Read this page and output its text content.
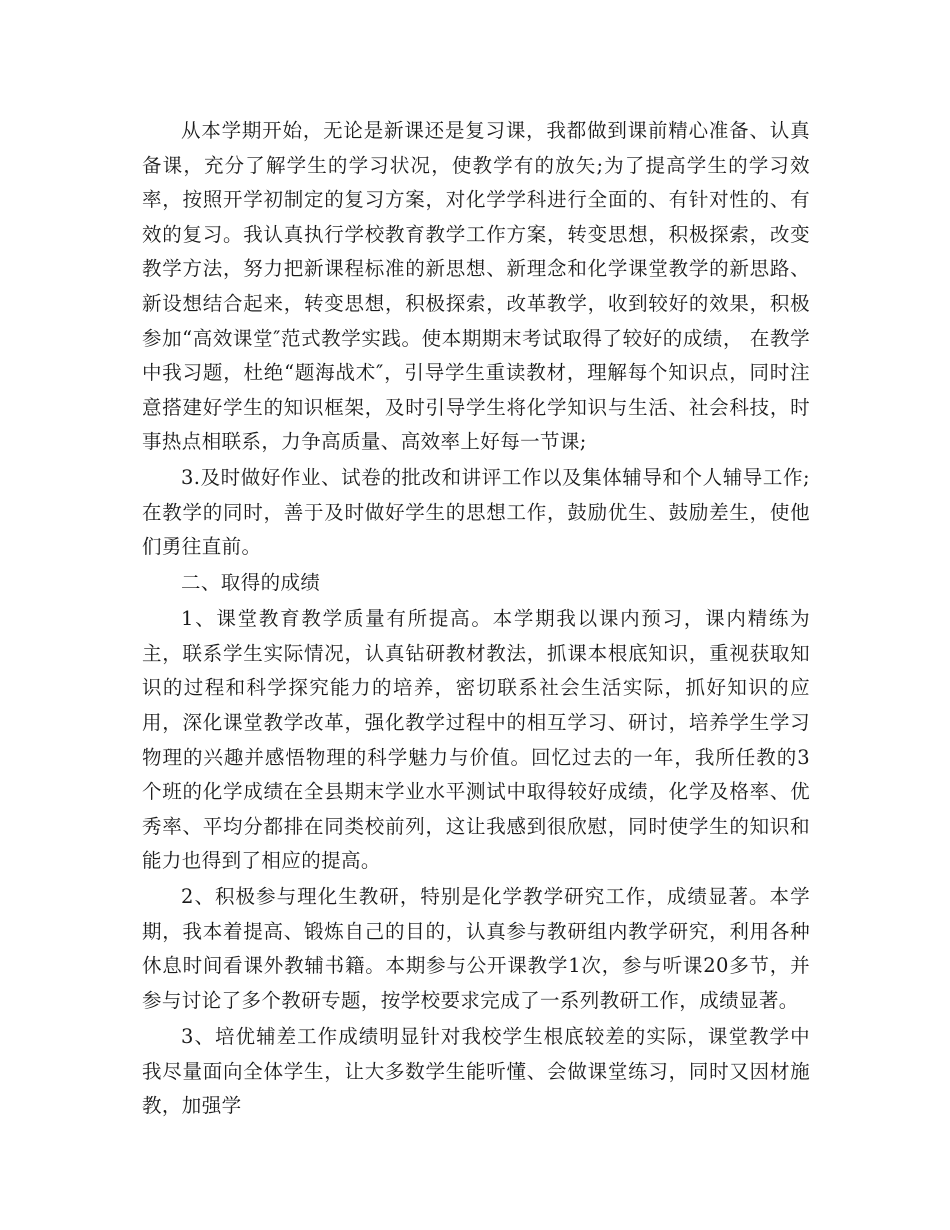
从本学期开始，无论是新课还是复习课，我都做到课前精心准备、认真备课，充分了解学生的学习状况，使教学有的放矢;为了提高学生的学习效率，按照开学初制定的复习方案，对化学学科进行全面的、有针对性的、有效的复习。我认真执行学校教育教学工作方案，转变思想，积极探索，改变教学方法，努力把新课程标准的新思想、新理念和化学课堂教学的新思路、新设想结合起来，转变思想，积极探索，改革教学，收到较好的效果，积极参加“高效课堂″范式教学实践。使本期期末考试取得了较好的成绩， 在教学中我习题，杜绝“题海战术″，引导学生重读教材，理解每个知识点，同时注意搭建好学生的知识框架，及时引导学生将化学知识与生活、社会科技，时事热点相联系，力争高质量、高效率上好每一节课;

3.及时做好作业、试卷的批改和讲评工作以及集体辅导和个人辅导工作;在教学的同时，善于及时做好学生的思想工作，鼓励优生、鼓励差生，使他们勇往直前。

二、取得的成绩

1、课堂教育教学质量有所提高。本学期我以课内预习，课内精练为主，联系学生实际情况，认真钻研教材教法，抓课本根底知识，重视获取知识的过程和科学探究能力的培养，密切联系社会生活实际，抓好知识的应用，深化课堂教学改革，强化教学过程中的相互学习、研讨，培养学生学习物理的兴趣并感悟物理的科学魅力与价值。回忆过去的一年，我所任教的3个班的化学成绩在全县期末学业水平测试中取得较好成绩，化学及格率、优秀率、平均分都排在同类校前列，这让我感到很欣慰，同时使学生的知识和能力也得到了相应的提高。

2、积极参与理化生教研，特别是化学教学研究工作，成绩显著。本学期，我本着提高、锻炼自己的目的，认真参与教研组内教学研究，利用各种休息时间看课外教辅书籍。本期参与公开课教学1次，参与听课20多节，并参与讨论了多个教研专题，按学校要求完成了一系列教研工作，成绩显著。

3、培优辅差工作成绩明显针对我校学生根底较差的实际，课堂教学中我尽量面向全体学生，让大多数学生能听懂、会做课堂练习，同时又因材施教，加强学
